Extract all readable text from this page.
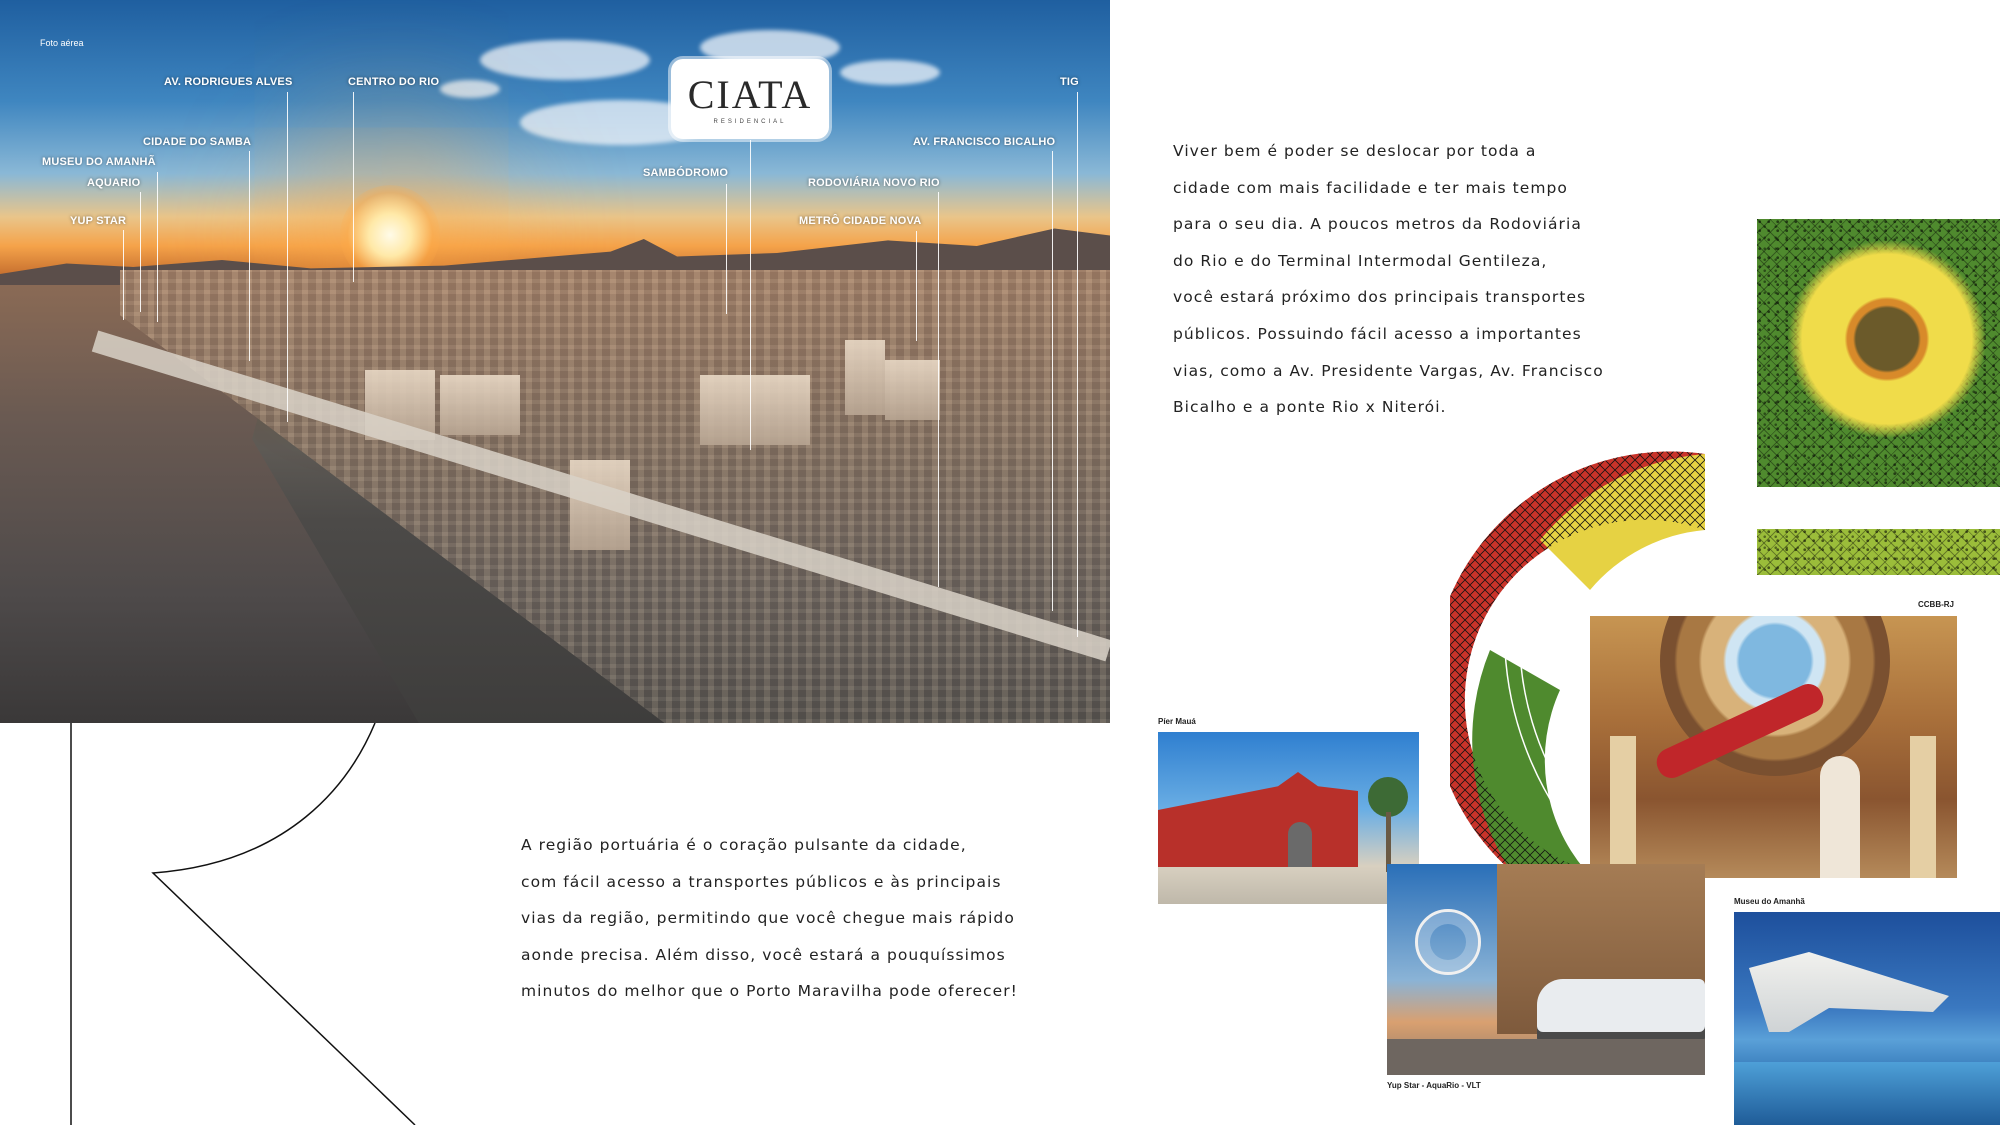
Foto aérea
AV. RODRIGUES ALVES	CENTRO DO RIO	TIG
CIDADE DO SAMBA
MUSEU DO AMANHÃ
AQUARIO
YUP STAR
SAMBÓDROMO
AV. FRANCISCO BICALHO
RODOVIÁRIA NOVO RIO
METRÔ CIDADE NOVA
CIATA
RESIDENCIAL
Viver bem é poder se deslocar por toda a
cidade com mais facilidade e ter mais tempo
para o seu dia. A poucos metros da Rodoviária
do Rio e do Terminal Intermodal Gentileza,
você estará próximo dos principais transportes
públicos. Possuindo fácil acesso a importantes
vias, como a Av. Presidente Vargas, Av. Francisco
Bicalho e a ponte Rio x Niterói.
A região portuária é o coração pulsante da cidade,
com fácil acesso a transportes públicos e às principais
vias da região, permitindo que você chegue mais rápido
aonde precisa. Além disso, você estará a pouquíssimos
minutos do melhor que o Porto Maravilha pode oferecer!
CCBB-RJ
Píer Mauá
Yup Star - AquaRio - VLT
Museu do Amanhã
